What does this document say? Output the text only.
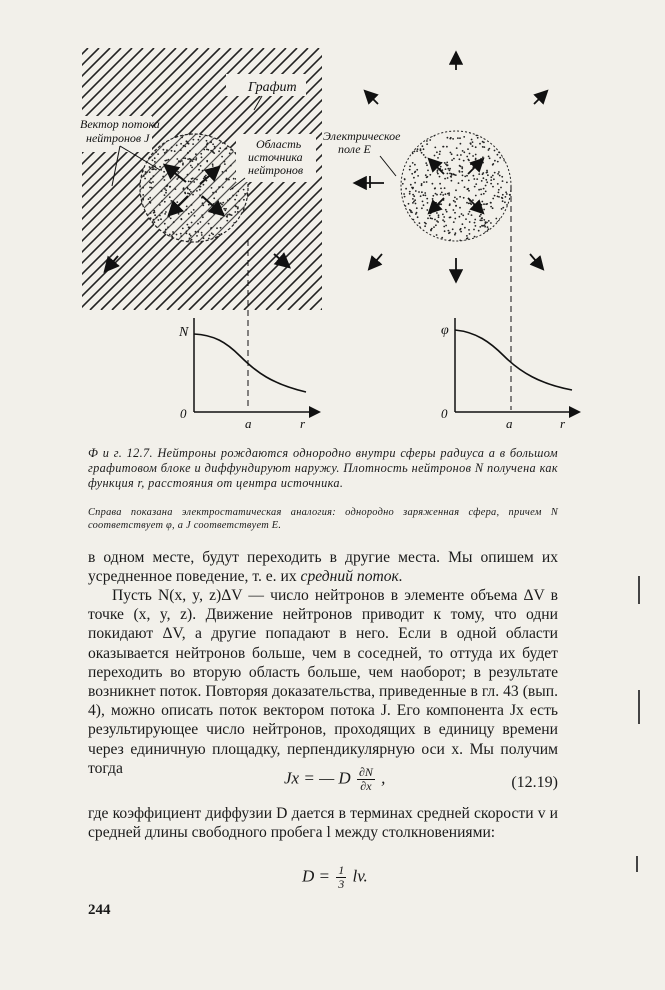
Графит
Вектор потока
нейтронов J	Область
источника
нейтронов
Электрическое
поле E
N
0
a	r
φ
0
a	r
Ф и г. 12.7. Нейтроны рождаются однородно внутри сферы радиуса a в большом графитовом блоке и диффундируют наружу. Плотность нейтронов N получена как функция r, расстояния от центра источника.
Справа показана электростатическая аналогия: однородно заряженная сфера, причем N соответствует φ, а J соответствует E.

в одном месте, будут переходить в другие места. Мы опишем их усредненное поведение, т. е. их средний поток.

Пусть N(x, y, z)ΔV — число нейтронов в элементе объема ΔV в точке (x, y, z). Движение нейтронов приводит к тому, что одни покидают ΔV, а другие попадают в него. Если в одной области оказывается нейтронов больше, чем в соседней, то оттуда их будет переходить во вторую область больше, чем наоборот; в результате возникнет поток. Повторяя доказательства, приведенные в гл. 43 (вып. 4), можно описать поток вектором потока J. Его компонента Jx есть результирующее число нейтронов, проходящих в единицу времени через единичную площадку, перпендикулярную оси x. Мы получим тогда

Jx = — D $\frac{\partial N}{\partial x}$ ,	(12.19)

где коэффициент диффузии D дается в терминах средней скорости v и средней длины свободного пробега l между столкновениями:

$D = \frac{1}{3}$ lv.
244
